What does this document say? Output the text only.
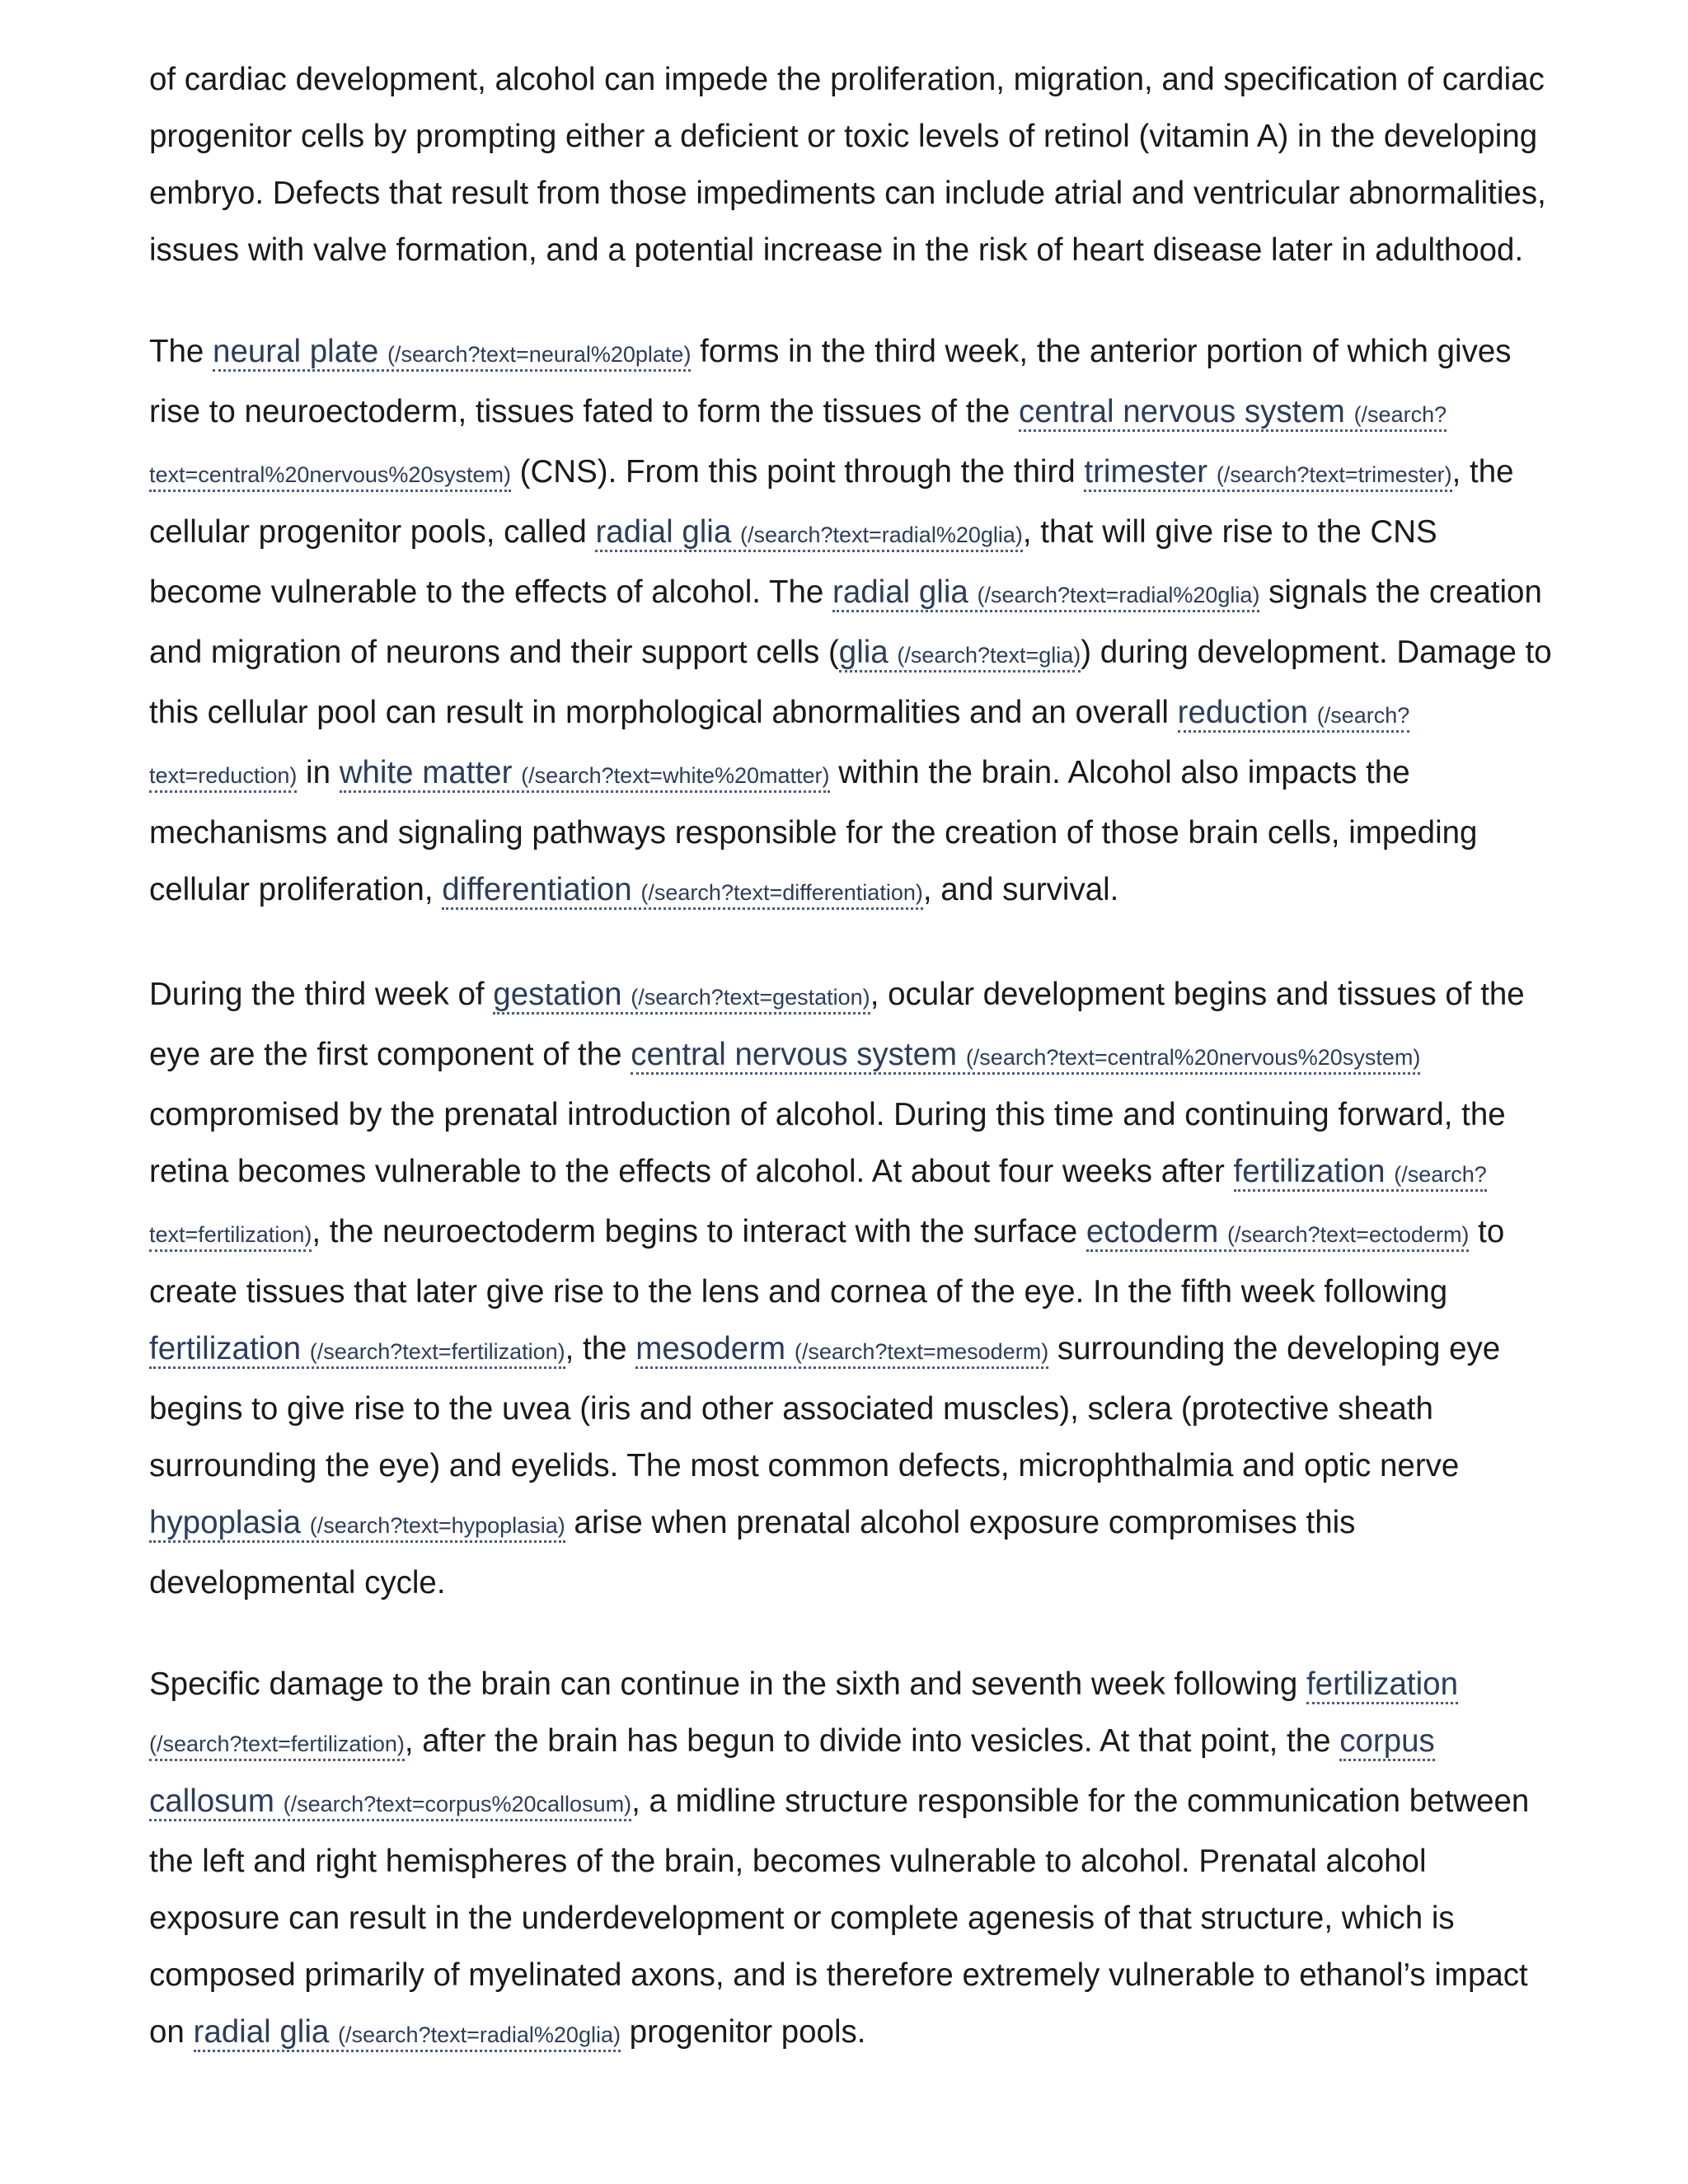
of cardiac development, alcohol can impede the proliferation, migration, and specification of cardiac progenitor cells by prompting either a deficient or toxic levels of retinol (vitamin A) in the developing embryo. Defects that result from those impediments can include atrial and ventricular abnormalities, issues with valve formation, and a potential increase in the risk of heart disease later in adulthood.

The neural plate (/search?text=neural%20plate) forms in the third week, the anterior portion of which gives rise to neuroectoderm, tissues fated to form the tissues of the central nervous system (/search?text=central%20nervous%20system) (CNS). From this point through the third trimester (/search?text=trimester), the cellular progenitor pools, called radial glia (/search?text=radial%20glia), that will give rise to the CNS become vulnerable to the effects of alcohol. The radial glia (/search?text=radial%20glia) signals the creation and migration of neurons and their support cells (glia (/search?text=glia)) during development. Damage to this cellular pool can result in morphological abnormalities and an overall reduction (/search?text=reduction) in white matter (/search?text=white%20matter) within the brain. Alcohol also impacts the mechanisms and signaling pathways responsible for the creation of those brain cells, impeding cellular proliferation, differentiation (/search?text=differentiation), and survival.

During the third week of gestation (/search?text=gestation), ocular development begins and tissues of the eye are the first component of the central nervous system (/search?text=central%20nervous%20system) compromised by the prenatal introduction of alcohol. During this time and continuing forward, the retina becomes vulnerable to the effects of alcohol. At about four weeks after fertilization (/search?text=fertilization), the neuroectoderm begins to interact with the surface ectoderm (/search?text=ectoderm) to create tissues that later give rise to the lens and cornea of the eye. In the fifth week following fertilization (/search?text=fertilization), the mesoderm (/search?text=mesoderm) surrounding the developing eye begins to give rise to the uvea (iris and other associated muscles), sclera (protective sheath surrounding the eye) and eyelids. The most common defects, microphthalmia and optic nerve hypoplasia (/search?text=hypoplasia) arise when prenatal alcohol exposure compromises this developmental cycle.

Specific damage to the brain can continue in the sixth and seventh week following fertilization (/search?text=fertilization), after the brain has begun to divide into vesicles. At that point, the corpus callosum (/search?text=corpus%20callosum), a midline structure responsible for the communication between the left and right hemispheres of the brain, becomes vulnerable to alcohol. Prenatal alcohol exposure can result in the underdevelopment or complete agenesis of that structure, which is composed primarily of myelinated axons, and is therefore extremely vulnerable to ethanol’s impact on radial glia (/search?text=radial%20glia) progenitor pools.
